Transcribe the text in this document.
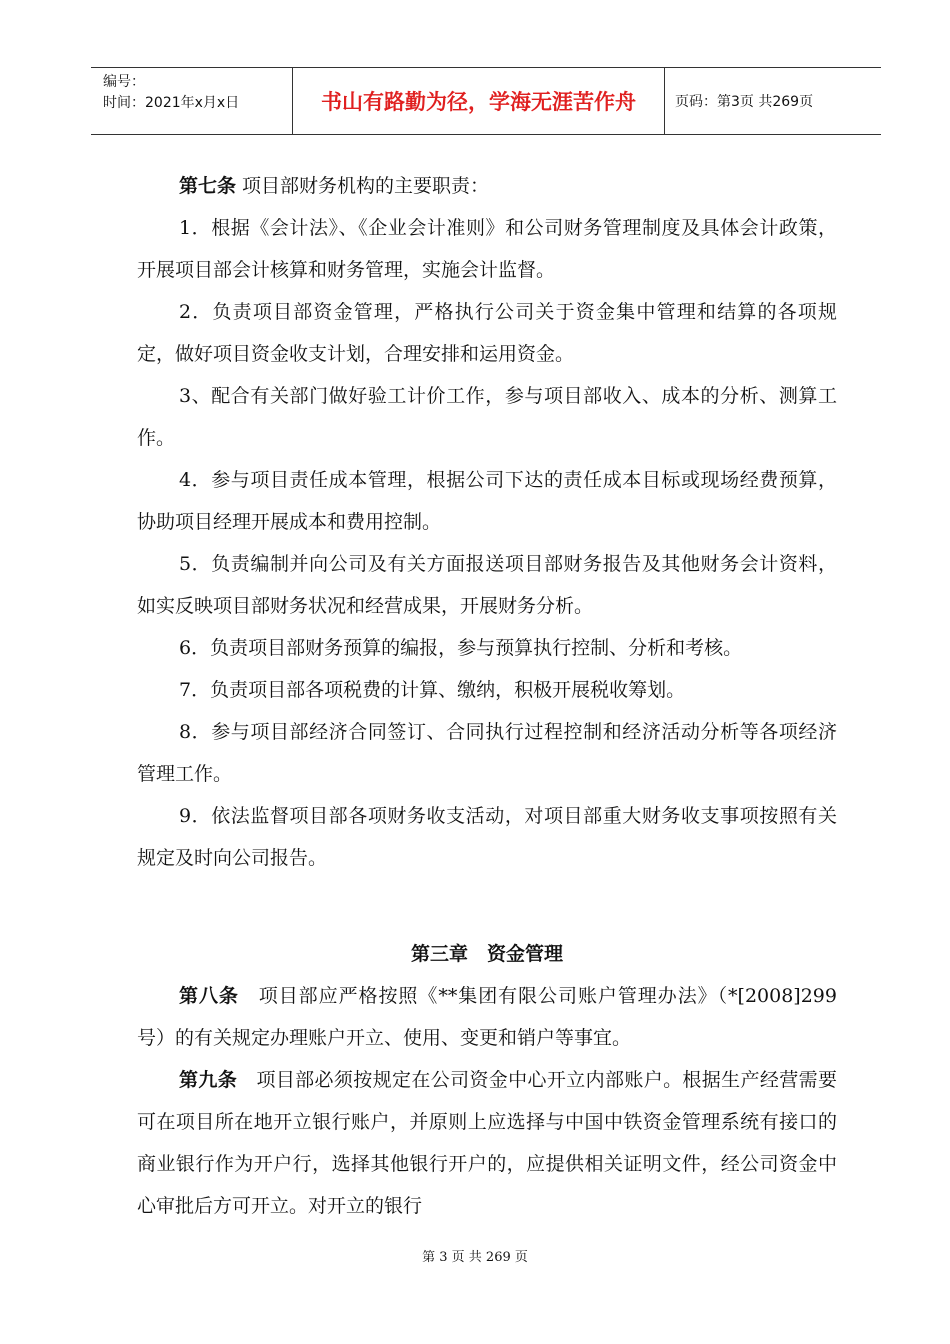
编号：
时间：2021年x月x日	书山有路勤为径，学海无涯苦作舟	页码：第3页 共269页

第七条 项目部财务机构的主要职责：

1．根据《会计法》、《企业会计准则》和公司财务管理制度及具体会计政策，开展项目部会计核算和财务管理，实施会计监督。

2．负责项目部资金管理，严格执行公司关于资金集中管理和结算的各项规定，做好项目资金收支计划，合理安排和运用资金。

3、配合有关部门做好验工计价工作，参与项目部收入、成本的分析、测算工作。

4．参与项目责任成本管理，根据公司下达的责任成本目标或现场经费预算，协助项目经理开展成本和费用控制。

5．负责编制并向公司及有关方面报送项目部财务报告及其他财务会计资料，如实反映项目部财务状况和经营成果，开展财务分析。

6．负责项目部财务预算的编报，参与预算执行控制、分析和考核。

7．负责项目部各项税费的计算、缴纳，积极开展税收筹划。

8．参与项目部经济合同签订、合同执行过程控制和经济活动分析等各项经济管理工作。

9．依法监督项目部各项财务收支活动，对项目部重大财务收支事项按照有关规定及时向公司报告。

第三章　资金管理

第八条　项目部应严格按照《**集团有限公司账户管理办法》（*[2008]299号）的有关规定办理账户开立、使用、变更和销户等事宜。

第九条　项目部必须按规定在公司资金中心开立内部账户。根据生产经营需要可在项目所在地开立银行账户，并原则上应选择与中国中铁资金管理系统有接口的商业银行作为开户行，选择其他银行开户的，应提供相关证明文件，经公司资金中心审批后方可开立。对开立的银行

第 3 页 共 269 页
